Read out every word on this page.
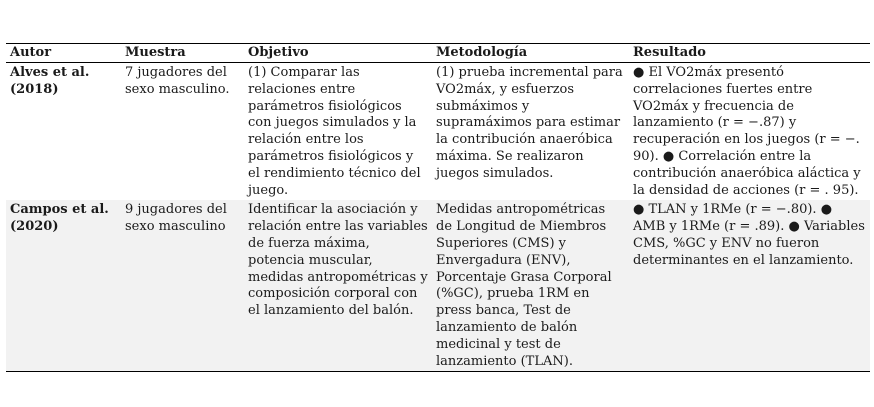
Autor	Muestra	Objetivo	Metodología	Resultado
Alves et al. (2018)	7 jugadores del sexo masculino.	(1) Comparar las relaciones entre parámetros fisiológicos con juegos simulados y la relación entre los parámetros fisiológicos y el rendimiento técnico del juego.	(1) prueba incremental para VO2máx, y esfuerzos submáximos y supramáximos para estimar la contribución anaeróbica máxima. Se realizaron juegos simulados.	● El VO2máx presentó correlaciones fuertes entre VO2máx y frecuencia de lanzamiento (r = −.87) y recuperación en los juegos (r = −. 90). ● Correlación entre la contribución anaeróbica aláctica y la densidad de acciones (r = . 95).
Campos et al. (2020)	9 jugadores del sexo masculino	Identificar la asociación y relación entre las variables de fuerza máxima, potencia muscular, medidas antropométricas y composición corporal con el lanzamiento del balón.	Medidas antropométricas de Longitud de Miembros Superiores (CMS) y Envergadura (ENV), Porcentaje Grasa Corporal (%GC), prueba 1RM en press banca, Test de lanzamiento de balón medicinal y test de lanzamiento (TLAN).	● TLAN y 1RMe (r = −.80). ● AMB y 1RMe (r = .89). ● Variables CMS, %GC y ENV no fueron determinantes en el lanzamiento.
